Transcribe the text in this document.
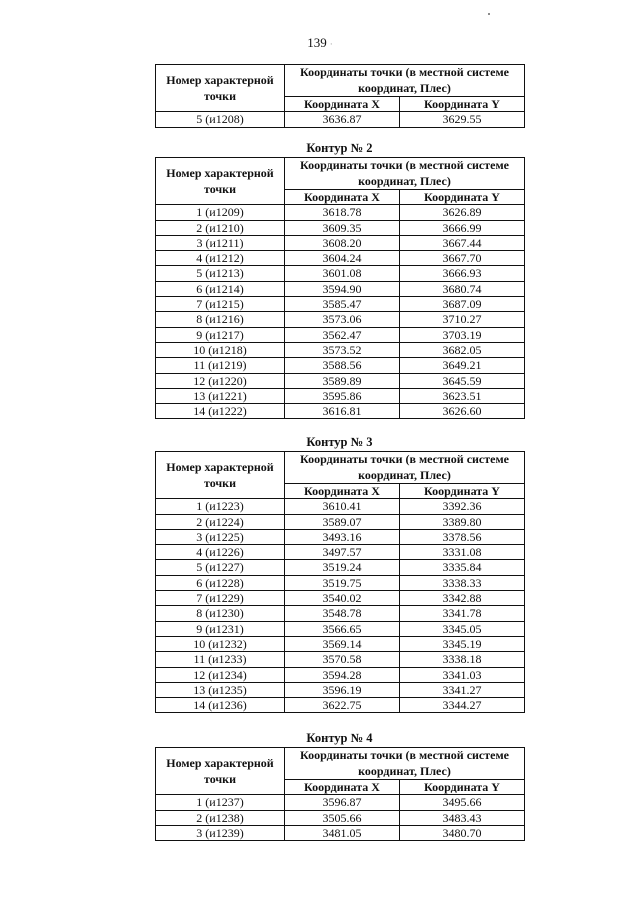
139 ·
Номер характерной точки	Координаты точки (в местной системе координат, Плес)	
	Координата X	Координата Y
5 (и1208)	3636.87	3629.55
Контур № 2
Номер характерной точки	Координаты точки (в местной системе координат, Плес)	
	Координата X	Координата Y
1 (и1209)	3618.78	3626.89
2 (и1210)	3609.35	3666.99
3 (и1211)	3608.20	3667.44
4 (и1212)	3604.24	3667.70
5 (и1213)	3601.08	3666.93
6 (и1214)	3594.90	3680.74
7 (и1215)	3585.47	3687.09
8 (и1216)	3573.06	3710.27
9 (и1217)	3562.47	3703.19
10 (и1218)	3573.52	3682.05
11 (и1219)	3588.56	3649.21
12 (и1220)	3589.89	3645.59
13 (и1221)	3595.86	3623.51
14 (и1222)	3616.81	3626.60
Контур № 3
Номер характерной точки	Координаты точки (в местной системе координат, Плес)	
	Координата X	Координата Y
1 (и1223)	3610.41	3392.36
2 (и1224)	3589.07	3389.80
3 (и1225)	3493.16	3378.56
4 (и1226)	3497.57	3331.08
5 (и1227)	3519.24	3335.84
6 (и1228)	3519.75	3338.33
7 (и1229)	3540.02	3342.88
8 (и1230)	3548.78	3341.78
9 (и1231)	3566.65	3345.05
10 (и1232)	3569.14	3345.19
11 (и1233)	3570.58	3338.18
12 (и1234)	3594.28	3341.03
13 (и1235)	3596.19	3341.27
14 (и1236)	3622.75	3344.27
Контур № 4
Номер характерной точки	Координаты точки (в местной системе координат, Плес)	
	Координата X	Координата Y
1 (и1237)	3596.87	3495.66
2 (и1238)	3505.66	3483.43
3 (и1239)	3481.05	3480.70
